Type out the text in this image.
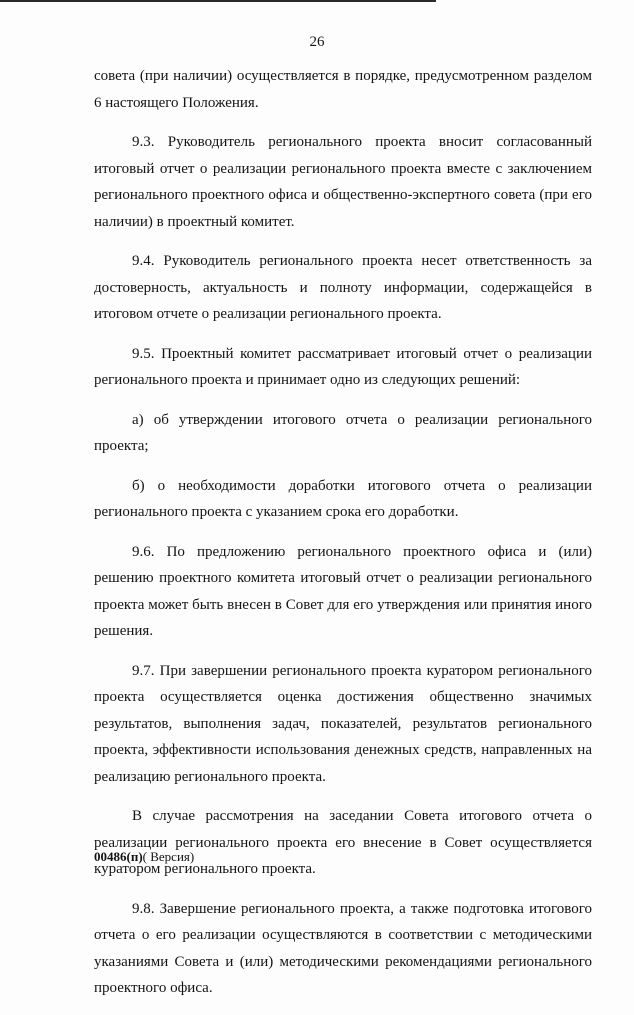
26

совета (при наличии) осуществляется в порядке, предусмотренном разделом 6 настоящего Положения.

9.3. Руководитель регионального проекта вносит согласованный итоговый отчет о реализации регионального проекта вместе с заключением регионального проектного офиса и общественно-экспертного совета (при его наличии) в проектный комитет.

9.4. Руководитель регионального проекта несет ответственность за достоверность, актуальность и полноту информации, содержащейся в итоговом отчете о реализации регионального проекта.

9.5. Проектный комитет рассматривает итоговый отчет о реализации регионального проекта и принимает одно из следующих решений:

а) об утверждении итогового отчета о реализации регионального проекта;

б) о необходимости доработки итогового отчета о реализации регионального проекта с указанием срока его доработки.

9.6. По предложению регионального проектного офиса и (или) решению проектного комитета итоговый отчет о реализации регионального проекта может быть внесен в Совет для его утверждения или принятия иного решения.

9.7. При завершении регионального проекта куратором регионального проекта осуществляется оценка достижения общественно значимых результатов, выполнения задач, показателей, результатов регионального проекта, эффективности использования денежных средств, направленных на реализацию регионального проекта.

В случае рассмотрения на заседании Совета итогового отчета о реализации регионального проекта его внесение в Совет осуществляется куратором регионального проекта.

9.8. Завершение регионального проекта, а также подготовка итогового отчета о его реализации осуществляются в соответствии с методическими указаниями Совета и (или) методическими рекомендациями регионального проектного офиса.

00486(п)( Версия)
